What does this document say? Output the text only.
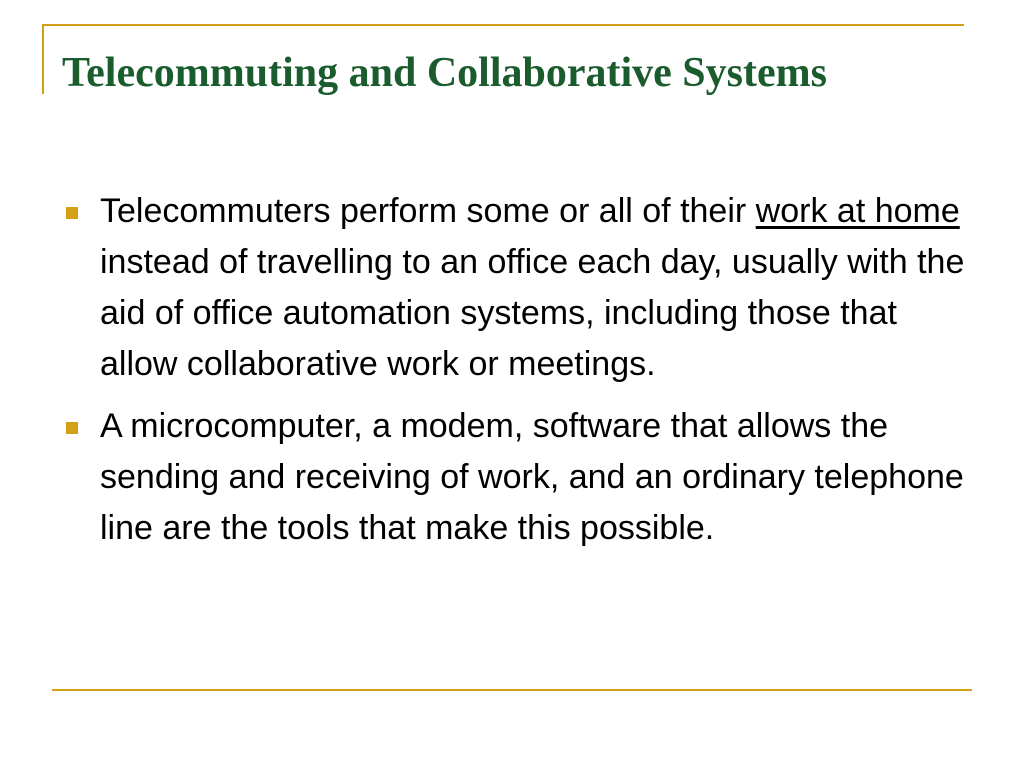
Telecommuting and Collaborative Systems
Telecommuters perform some or all of their work at home instead of travelling to an office each day, usually with the aid of office automation systems, including those that allow collaborative work or meetings.
A microcomputer, a modem, software that allows the sending and receiving of work, and an ordinary telephone line are the tools that make this possible.
